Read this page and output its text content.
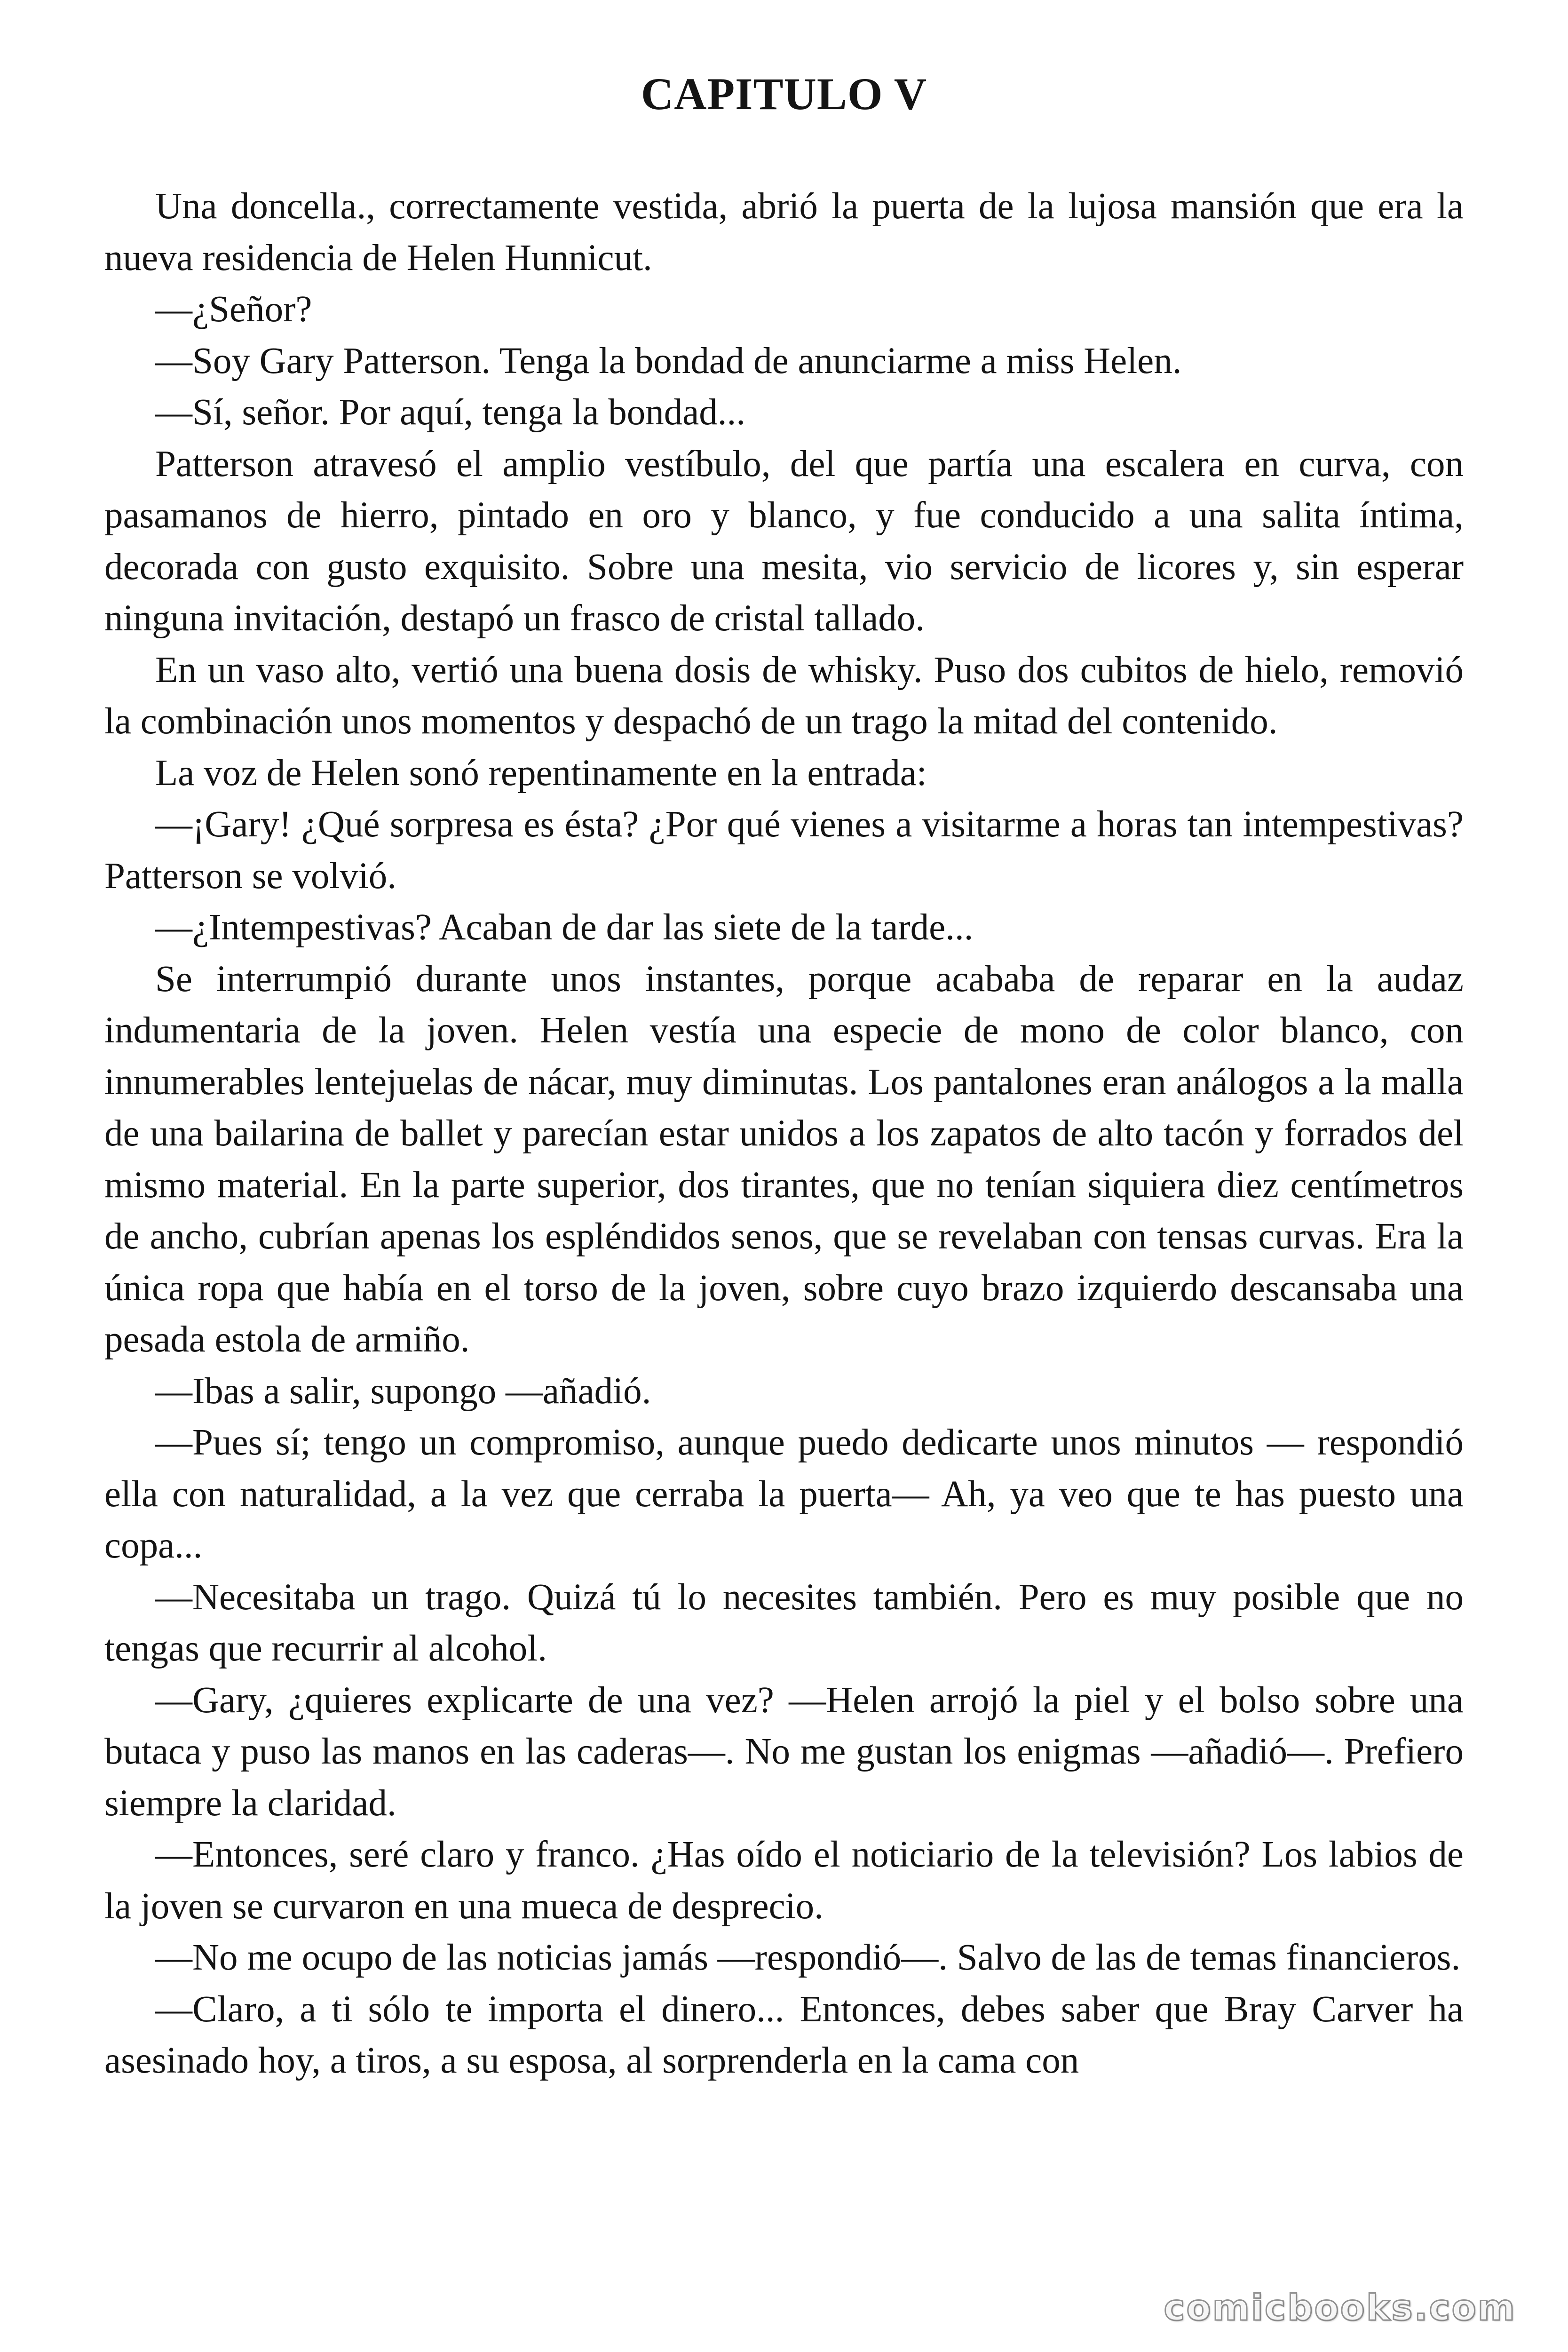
CAPITULO V

Una doncella., correctamente vestida, abrió la puerta de la lujosa mansión que era la nueva residencia de Helen Hunnicut.

—¿Señor?

—Soy Gary Patterson. Tenga la bondad de anunciarme a miss Helen.

—Sí, señor. Por aquí, tenga la bondad...

Patterson atravesó el amplio vestíbulo, del que partía una escalera en curva, con pasamanos de hierro, pintado en oro y blanco, y fue conducido a una salita íntima, decorada con gusto exquisito. Sobre una mesita, vio servicio de licores y, sin esperar ninguna invitación, destapó un frasco de cristal tallado.

En un vaso alto, vertió una buena dosis de whisky. Puso dos cubitos de hielo, removió la combinación unos momentos y despachó de un trago la mitad del contenido.

La voz de Helen sonó repentinamente en la entrada:

—¡Gary! ¿Qué sorpresa es ésta? ¿Por qué vienes a visitarme a horas tan intempestivas? Patterson se volvió.

—¿Intempestivas? Acaban de dar las siete de la tarde...

Se interrumpió durante unos instantes, porque acababa de reparar en la audaz indumentaria de la joven. Helen vestía una especie de mono de color blanco, con innumerables lentejuelas de nácar, muy diminutas. Los pantalones eran análogos a la malla de una bailarina de ballet y parecían estar unidos a los zapatos de alto tacón y forrados del mismo material. En la parte superior, dos tirantes, que no tenían siquiera diez centímetros de ancho, cubrían apenas los espléndidos senos, que se revelaban con tensas curvas. Era la única ropa que había en el torso de la joven, sobre cuyo brazo izquierdo descansaba una pesada estola de armiño.

—Ibas a salir, supongo —añadió.

—Pues sí; tengo un compromiso, aunque puedo dedicarte unos minutos — respondió ella con naturalidad, a la vez que cerraba la puerta— Ah, ya veo que te has puesto una copa...

—Necesitaba un trago. Quizá tú lo necesites también. Pero es muy posible que no tengas que recurrir al alcohol.

—Gary, ¿quieres explicarte de una vez? —Helen arrojó la piel y el bolso sobre una butaca y puso las manos en las caderas—. No me gustan los enigmas —añadió—. Prefiero siempre la claridad.

—Entonces, seré claro y franco. ¿Has oído el noticiario de la televisión? Los labios de la joven se curvaron en una mueca de desprecio.

—No me ocupo de las noticias jamás —respondió—. Salvo de las de temas financieros.

—Claro, a ti sólo te importa el dinero... Entonces, debes saber que Bray Carver ha asesinado hoy, a tiros, a su esposa, al sorprenderla en la cama con

comicbooks.com
